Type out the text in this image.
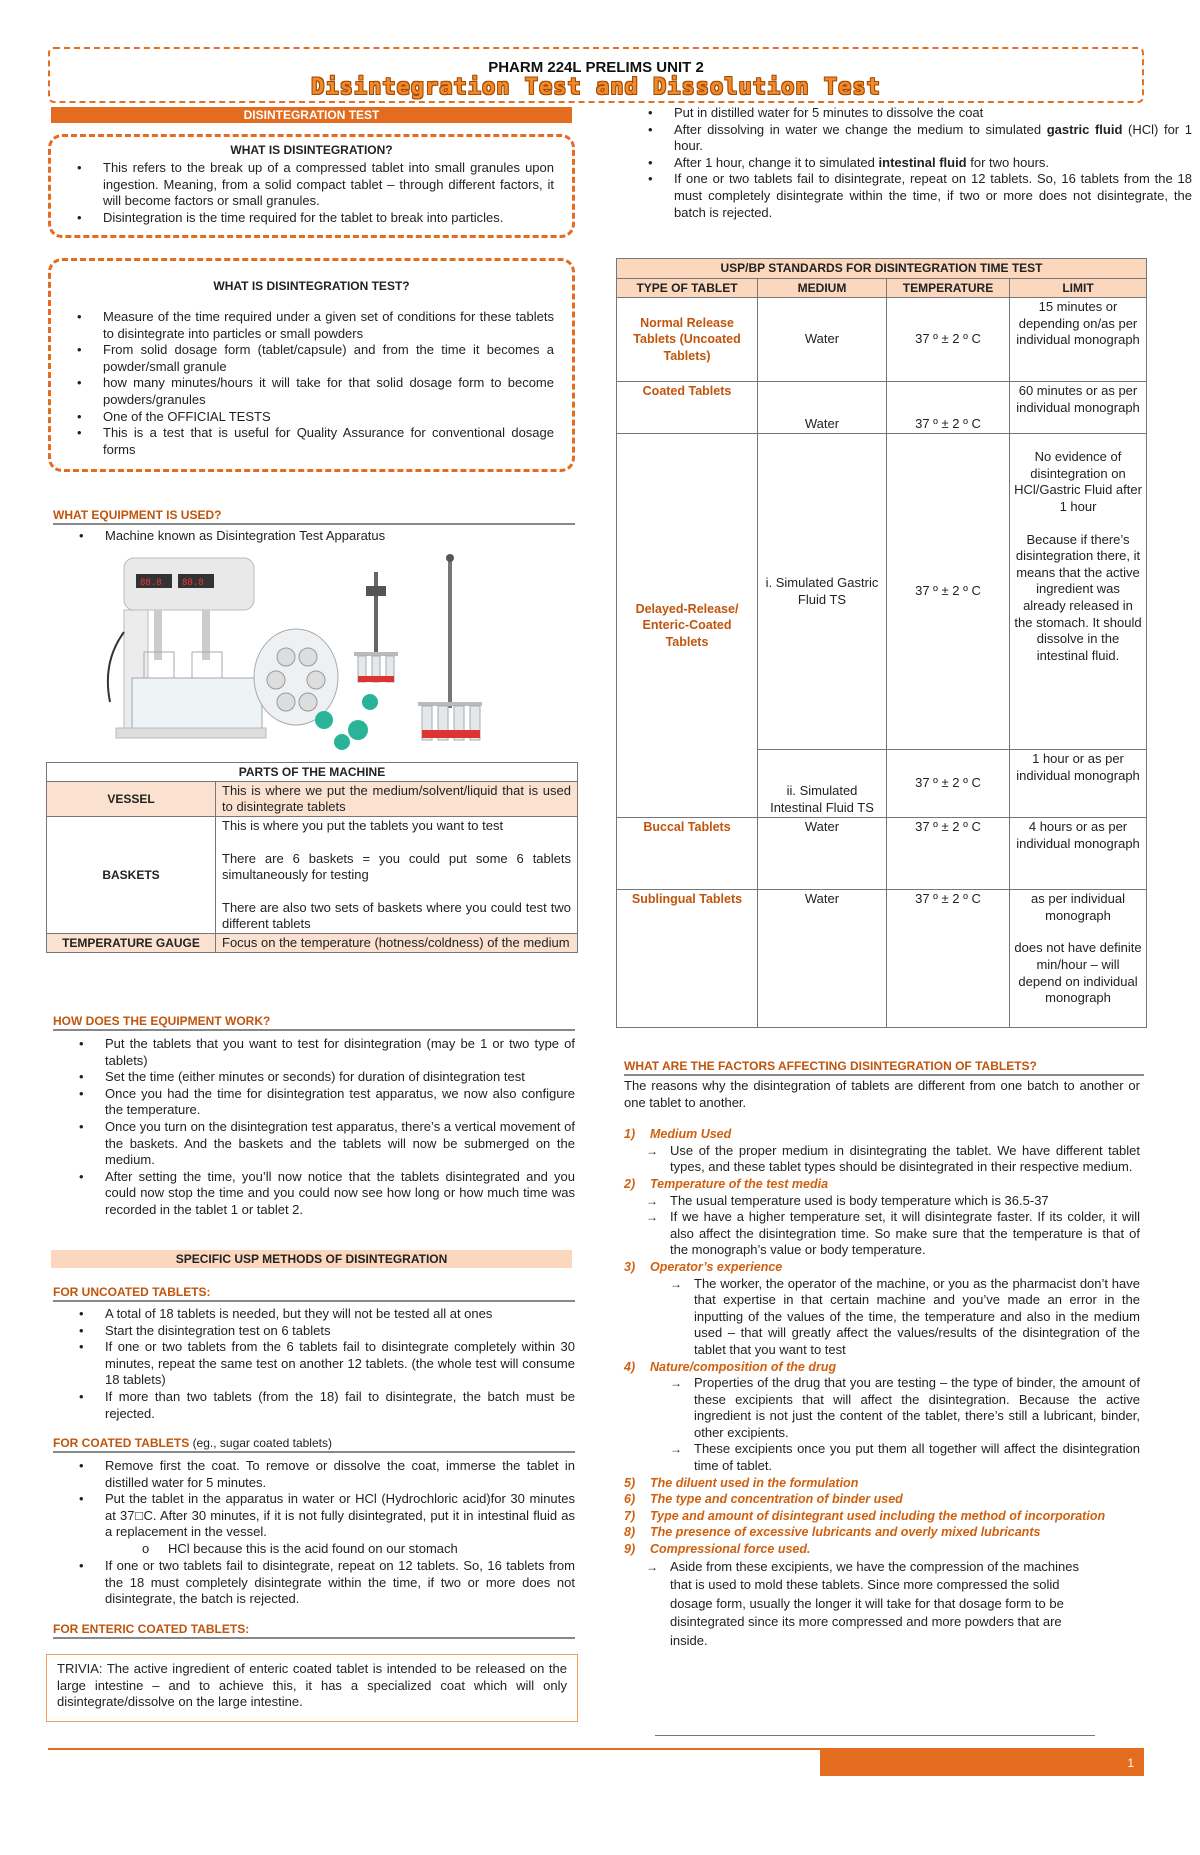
PHARM 224L PRELIMS UNIT 2
Disintegration Test and Dissolution Test
DISINTEGRATION TEST
WHAT IS DISINTEGRATION?
• This refers to the break up of a compressed tablet into small granules upon ingestion. Meaning, from a solid compact tablet – through different factors, it will become factors or small granules.
• Disintegration is the time required for the tablet to break into particles.
WHAT IS DISINTEGRATION TEST?
• Measure of the time required under a given set of conditions for these tablets to disintegrate into particles or small powders
• From solid dosage form (tablet/capsule) and from the time it becomes a powder/small granule
• how many minutes/hours it will take for that solid dosage form to become powders/granules
• One of the OFFICIAL TESTS
• This is a test that is useful for Quality Assurance for conventional dosage forms
WHAT EQUIPMENT IS USED?
• Machine known as Disintegration Test Apparatus
88.8 88.8
PARTS OF THE MACHINE	
VESSEL	This is where we put the medium/solvent/liquid that is used to disintegrate tablets
BASKETS	This is where you put the tablets you want to test
There are 6 baskets = you could put some 6 tablets simultaneously for testing
There are also two sets of baskets where you could test two different tablets

TEMPERATURE GAUGE	Focus on the temperature (hotness/coldness) of the medium
HOW DOES THE EQUIPMENT WORK?
• Put the tablets that you want to test for disintegration (may be 1 or two type of tablets)
• Set the time (either minutes or seconds) for duration of disintegration test
• Once you had the time for disintegration test apparatus, we now also configure the temperature.
• Once you turn on the disintegration test apparatus, there’s a vertical movement of the baskets. And the baskets and the tablets will now be submerged on the medium.
• After setting the time, you’ll now notice that the tablets disintegrated and you could now stop the time and you could now see how long or how much time was recorded in the tablet 1 or tablet 2.
SPECIFIC USP METHODS OF DISINTEGRATION
FOR UNCOATED TABLETS:
• A total of 18 tablets is needed, but they will not be tested all at ones
• Start the disintegration test on 6 tablets
• If one or two tablets from the 6 tablets fail to disintegrate completely within 30 minutes, repeat the same test on another 12 tablets. (the whole test will consume 18 tablets)
• If more than two tablets (from the 18) fail to disintegrate, the batch must be rejected.
FOR COATED TABLETS (eg., sugar coated tablets)
• Remove first the coat. To remove or dissolve the coat, immerse the tablet in distilled water for 5 minutes.
• Put the tablet in the apparatus in water or HCl (Hydrochloric acid)for 30 minutes at 37□C. After 30 minutes, if it is not fully disintegrated, put it in intestinal fluid as a replacement in the vessel.
o HCl because this is the acid found on our stomach
• If one or two tablets fail to disintegrate, repeat on 12 tablets. So, 16 tablets from the 18 must completely disintegrate within the time, if two or more does not disintegrate, the batch is rejected.
FOR ENTERIC COATED TABLETS:
TRIVIA: The active ingredient of enteric coated tablet is intended to be released on the large intestine – and to achieve this, it has a specialized coat which will only disintegrate/dissolve on the large intestine.
• Put in distilled water for 5 minutes to dissolve the coat
• After dissolving in water we change the medium to simulated gastric fluid (HCl) for 1 hour.
• After 1 hour, change it to simulated intestinal fluid for two hours.
• If one or two tablets fail to disintegrate, repeat on 12 tablets. So, 16 tablets from the 18 must completely disintegrate within the time, if two or more does not disintegrate, the batch is rejected.
USP/BP STANDARDS FOR DISINTEGRATION TIME TEST			
TYPE OF TABLET	MEDIUM	TEMPERATURE	LIMIT
Normal Release Tablets (Uncoated Tablets)	Water	37 º ± 2 º C	15 minutes or depending on/as per individual monograph
Coated Tablets	Water	37 º ± 2 º C	60 minutes or as per individual monograph
Delayed-Release/ Enteric-Coated Tablets	i. Simulated Gastric Fluid TS	37 º ± 2 º C	No evidence of disintegration on HCl/Gastric Fluid after 1 hour
Because if there’s disintegration there, it means that the active ingredient was already released in the stomach. It should dissolve in the intestinal fluid.

	ii. Simulated Intestinal Fluid TS	37 º ± 2 º C	1 hour or as per individual monograph
Buccal Tablets	Water	37 º ± 2 º C	4 hours or as per individual monograph
Sublingual Tablets	Water	37 º ± 2 º C	as per individual monograph
does not have definite min/hour – will depend on individual monograph
WHAT ARE THE FACTORS AFFECTING DISINTEGRATION OF TABLETS?
The reasons why the disintegration of tablets are different from one batch to another or one tablet to another.
1) Medium Used
→ Use of the proper medium in disintegrating the tablet. We have different tablet types, and these tablet types should be disintegrated in their respective medium.
2) Temperature of the test media
→ The usual temperature used is body temperature which is 36.5-37
→ If we have a higher temperature set, it will disintegrate faster. If its colder, it will also affect the disintegration time. So make sure that the temperature is that of the monograph’s value or body temperature.
3) Operator’s experience
→ The worker, the operator of the machine, or you as the pharmacist don’t have that expertise in that certain machine and you’ve made an error in the inputting of the values of the time, the temperature and also in the medium used – that will greatly affect the values/results of the disintegration of the tablet that you want to test
4) Nature/composition of the drug
→ Properties of the drug that you are testing – the type of binder, the amount of these excipients that will affect the disintegration. Because the active ingredient is not just the content of the tablet, there’s still a lubricant, binder, other excipients.
→ These excipients once you put them all together will affect the disintegration time of tablet.
5) The diluent used in the formulation
6) The type and concentration of binder used
7)	Type and amount of disintegrant used including the method of incorporation
8) The presence of excessive lubricants and overly mixed lubricants
9) Compressional force used.
→ Aside from these excipients, we have the compression of the machines that is used to mold these tablets. Since more compressed the solid dosage form, usually the longer it will take for that dosage form to be disintegrated since its more compressed and more powders that are inside.
1
